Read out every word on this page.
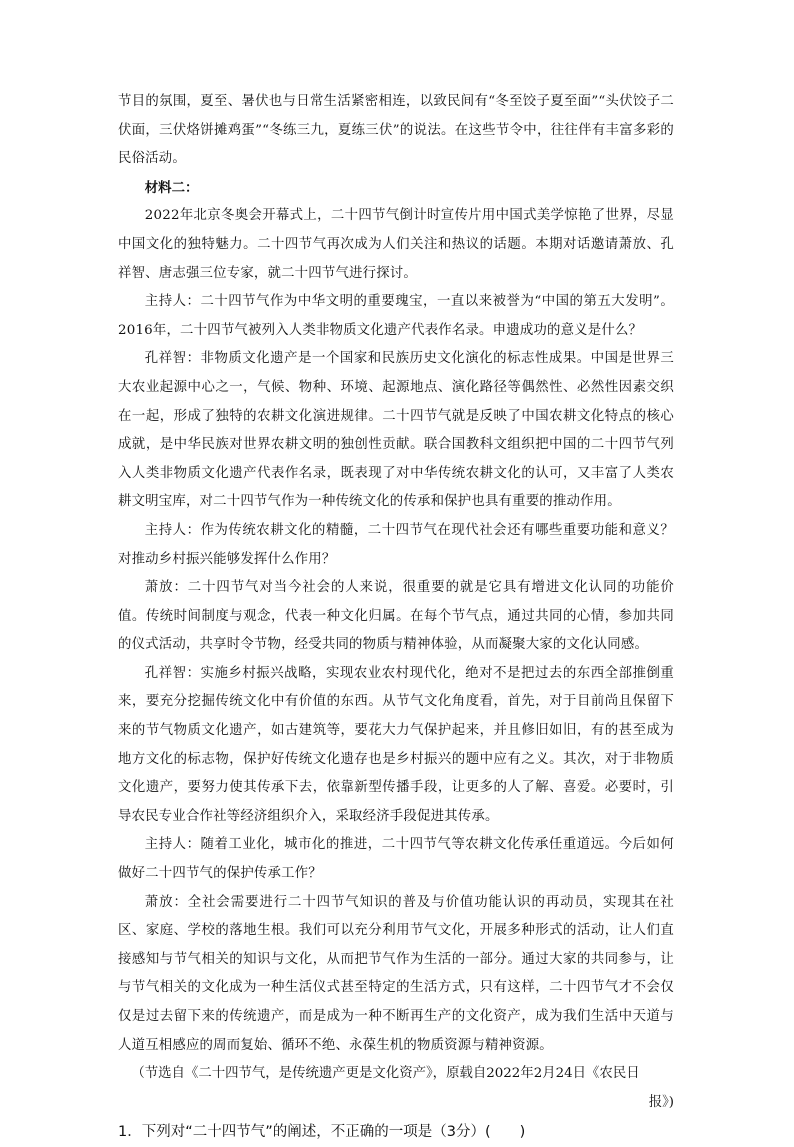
节目的氛围，夏至、暑伏也与日常生活紧密相连，以致民间有“冬至饺子夏至面”“头伏饺子二伏面，三伏烙饼摊鸡蛋”“冬练三九，夏练三伏”的说法。在这些节令中，往往伴有丰富多彩的民俗活动。

材料二：

2022年北京冬奥会开幕式上，二十四节气倒计时宣传片用中国式美学惊艳了世界，尽显中国文化的独特魅力。二十四节气再次成为人们关注和热议的话题。本期对话邀请萧放、孔祥智、唐志强三位专家，就二十四节气进行探讨。

主持人：二十四节气作为中华文明的重要瑰宝，一直以来被誉为“中国的第五大发明”。2016年，二十四节气被列入人类非物质文化遗产代表作名录。申遗成功的意义是什么？

孔祥智：非物质文化遗产是一个国家和民族历史文化演化的标志性成果。中国是世界三大农业起源中心之一，气候、物种、环境、起源地点、演化路径等偶然性、必然性因素交织在一起，形成了独特的农耕文化演进规律。二十四节气就是反映了中国农耕文化特点的核心成就，是中华民族对世界农耕文明的独创性贡献。联合国教科文组织把中国的二十四节气列入人类非物质文化遗产代表作名录，既表现了对中华传统农耕文化的认可，又丰富了人类农耕文明宝库，对二十四节气作为一种传统文化的传承和保护也具有重要的推动作用。

主持人：作为传统农耕文化的精髓，二十四节气在现代社会还有哪些重要功能和意义？对推动乡村振兴能够发挥什么作用？

萧放：二十四节气对当今社会的人来说，很重要的就是它具有增进文化认同的功能价值。传统时间制度与观念，代表一种文化归属。在每个节气点，通过共同的心情，参加共同的仪式活动，共享时令节物，经受共同的物质与精神体验，从而凝聚大家的文化认同感。

孔祥智：实施乡村振兴战略，实现农业农村现代化，绝对不是把过去的东西全部推倒重来，要充分挖掘传统文化中有价值的东西。从节气文化角度看，首先，对于目前尚且保留下来的节气物质文化遗产，如古建筑等，要花大力气保护起来，并且修旧如旧，有的甚至成为地方文化的标志物，保护好传统文化遗存也是乡村振兴的题中应有之义。其次，对于非物质文化遗产，要努力使其传承下去，依靠新型传播手段，让更多的人了解、喜爱。必要时，引导农民专业合作社等经济组织介入，采取经济手段促进其传承。

主持人：随着工业化，城市化的推进，二十四节气等农耕文化传承任重道远。今后如何做好二十四节气的保护传承工作？

萧放：全社会需要进行二十四节气知识的普及与价值功能认识的再动员，实现其在社区、家庭、学校的落地生根。我们可以充分利用节气文化，开展多种形式的活动，让人们直接感知与节气相关的知识与文化，从而把节气作为生活的一部分。通过大家的共同参与，让与节气相关的文化成为一种生活仪式甚至特定的生活方式，只有这样，二十四节气才不会仅仅是过去留下来的传统遗产，而是成为一种不断再生产的文化资产，成为我们生活中天道与人道互相感应的周而复始、循环不绝、永葆生机的物质资源与精神资源。

（节选自《二十四节气，是传统遗产更是文化资产》，原载自2022年2月24日《农民日

报》)

1．下列对“二十四节气”的阐述，不正确的一项是（3分）(　　)
